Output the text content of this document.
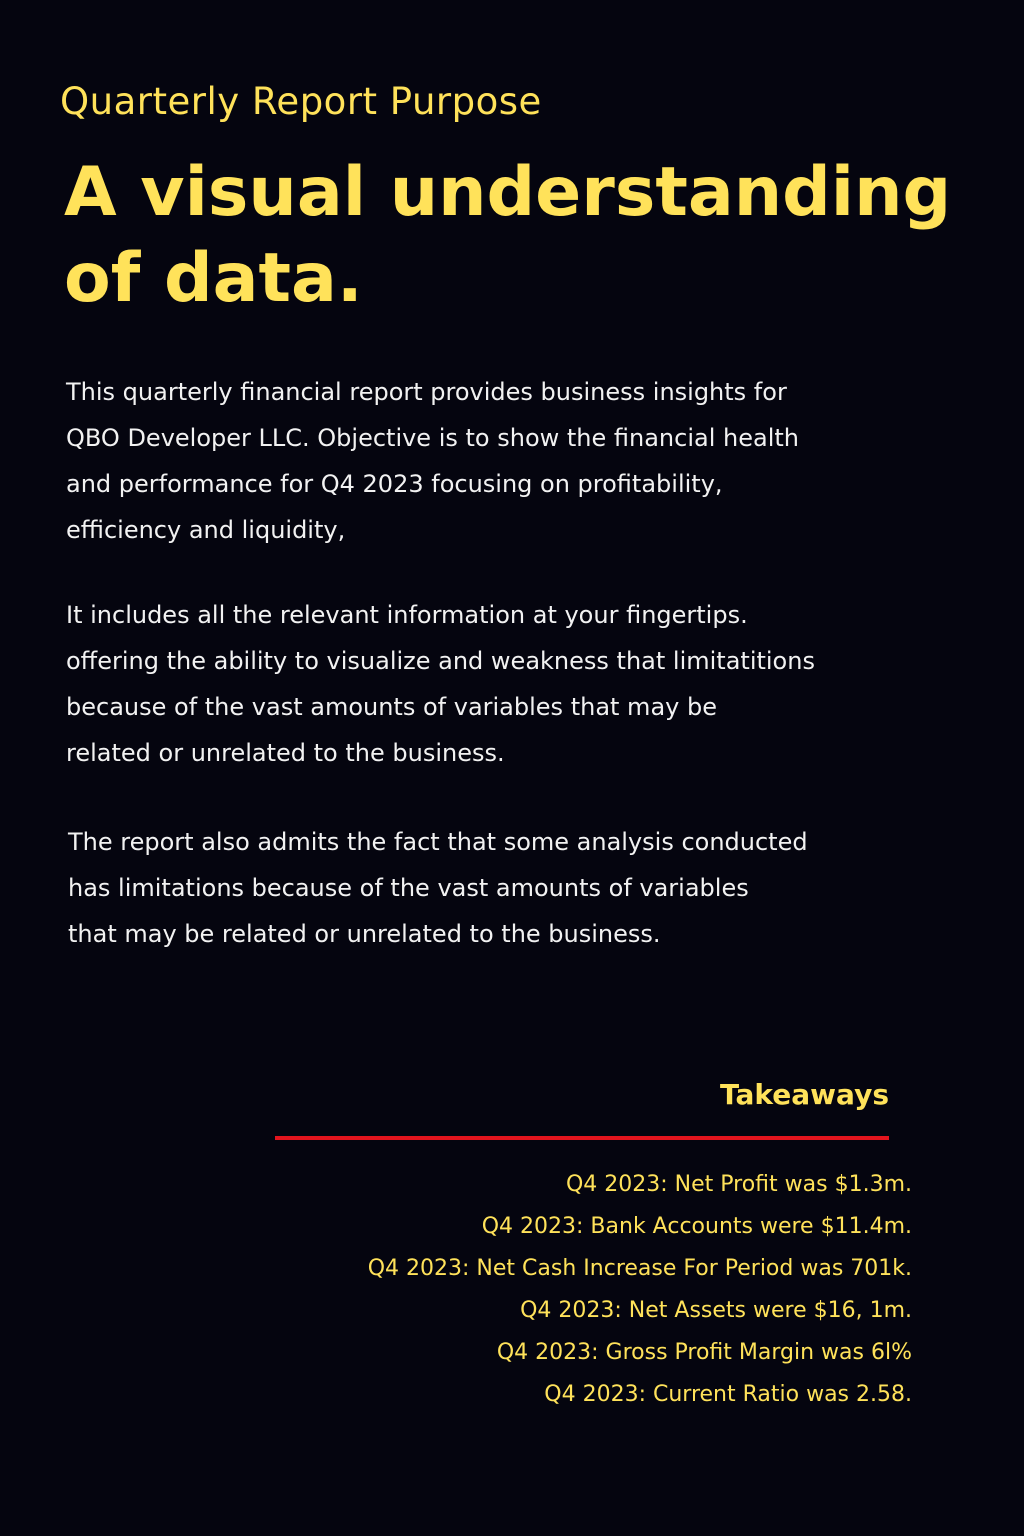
Quarterly Report Purpose

A visual understanding
of data.

This quarterly financial report provides business insights for
QBO Developer LLC. Objective is to show the financial health
and performance for Q4 2023 focusing on profitability,
efficiency and liquidity,

It includes all the relevant information at your fingertips.
offering the ability to visualize and weakness that limitatitions
because of the vast amounts of variables that may be
related or unrelated to the business.

The report also admits the fact that some analysis conducted
has limitations because of the vast amounts of variables
that may be related or unrelated to the business.

Takeaways
Q4 2023: Net Profit was $1.3m.
Q4 2023: Bank Accounts were $11.4m.
Q4 2023: Net Cash Increase For Period was 701k.
Q4 2023: Net Assets were $16, 1m.
Q4 2023: Gross Profit Margin was 6l%
Q4 2023: Current Ratio was 2.58.
